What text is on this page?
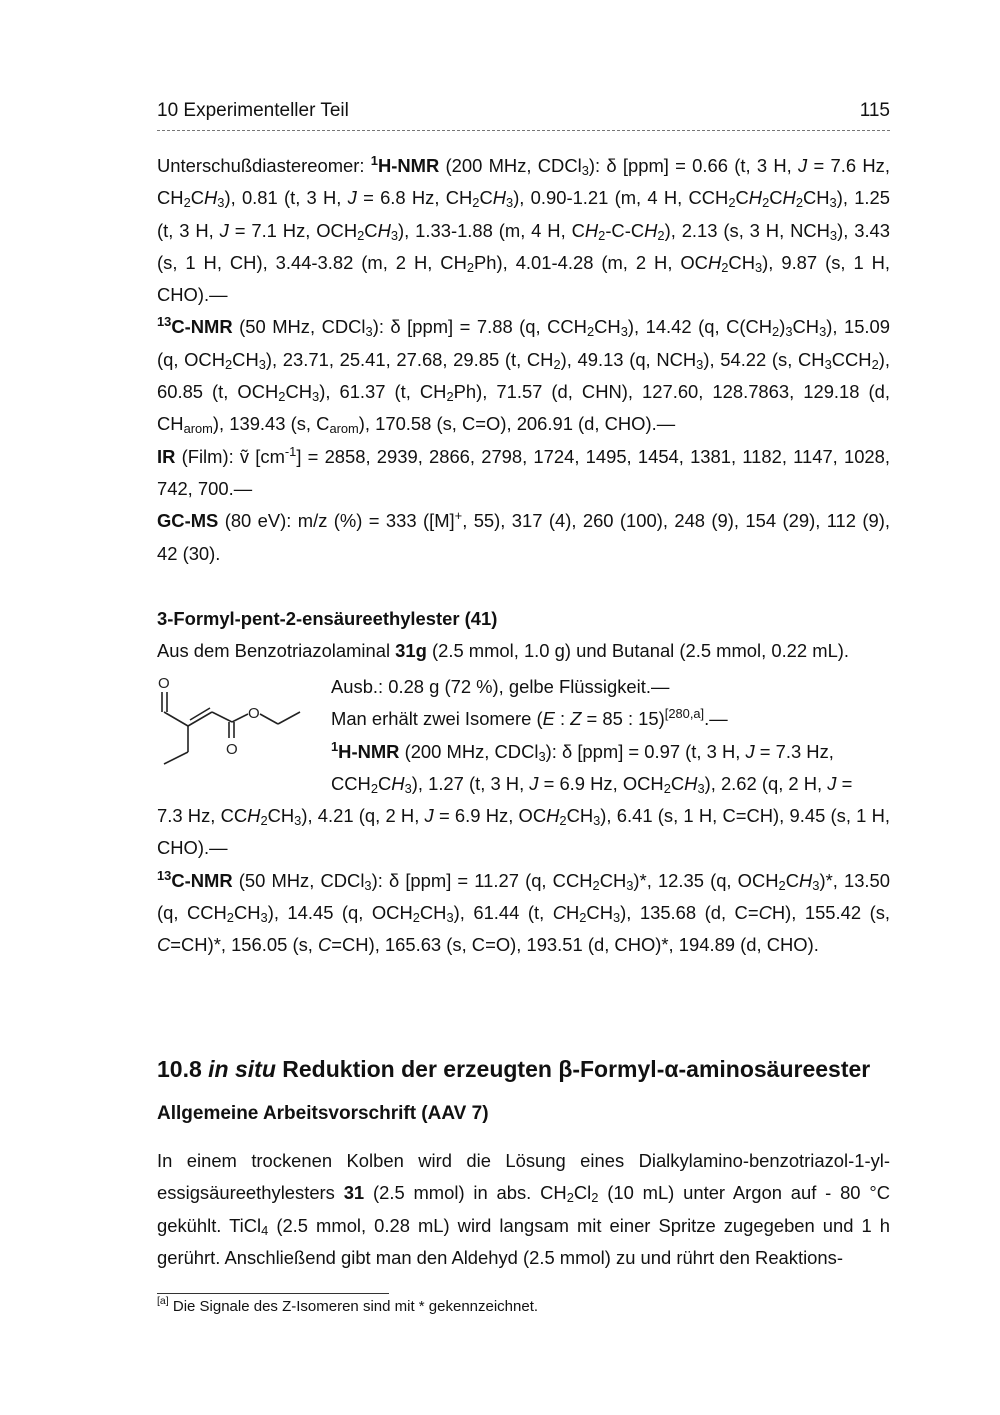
10 Experimenteller Teil	115

Unterschußdiastereomer: $^1$H-NMR (200 MHz, CDCl$_3$): δ [ppm] = 0.66 (t, 3 H, J = 7.6 Hz, $CH_2CH_3$), 0.81 (t, 3 H, J = 6.8 Hz, $CH_2CH_3$), 0.90-1.21 (m, 4 H, $CCH_2CH_2CH_2CH_3$), 1.25 (t, 3 H, J = 7.1 Hz, $OCH_2CH_3$), 1.33-1.88 (m, 4 H, $CH_2-C-CH_2$), 2.13 (s, 3 H, $NCH_3$), 3.43 (s, 1 H, CH), 3.44-3.82 (m, 2 H, $CH_2Ph$), 4.01-4.28 (m, 2 H, $OCH_2CH_3$), 9.87 (s, 1 H, CHO).—

$^{13}$C-NMR (50 MHz, CDCl$_3$): δ [ppm] = 7.88 (q, $CCH_2CH_3$), 14.42 (q, $C(CH_2)_3CH_3$), 15.09 (q, $OCH_2CH_3$), 23.71, 25.41, 27.68, 29.85 (t, $CH_2$), 49.13 (q, $NCH_3$), 54.22 (s, $CH_3CCH_2$), 60.85 (t, $OCH_2CH_3$), 61.37 (t, $CH_2Ph$), 71.57 (d, CHN), 127.60, 128.7863, 129.18 (d, $CH_{arom}$), 139.43 (s, $C_{arom}$), 170.58 (s, C=O), 206.91 (d, CHO).—

IR (Film): ṽ $[cm^{-1}] = 2858$, 2939, 2866, 2798, 1724, 1495, 1454, 1381, 1182, 1147, 1028, 742, 700.—

GC-MS (80 eV): m/z (%) = 333 ([M]+, 55), 317 (4), 260 (100), 248 (9), 154 (29), 112 (9), 42 (30).

3-Formyl-pent-2-ensäureethylester (41)

Aus dem Benzotriazolaminal 31g (2.5 mmol, 1.0 g) und Butanal (2.5 mmol, 0.22 mL).

O
O
O

Ausb.: 0.28 g (72 %), gelbe Flüssigkeit.—

Man erhält zwei Isomere (E : Z = 85 : 15)[280,a].—

$^1$H-NMR (200 MHz, CDCl$_3$): δ [ppm] = 0.97 (t, 3 H, J = 7.3 Hz,

$CCH_2CH_3$), 1.27 (t, 3 H, J = 6.9 Hz, $OCH_2CH_3$), 2.62 (q, 2 H, J =

7.3 Hz, $CCH_2CH_3$), 4.21 (q, 2 H, J = 6.9 Hz, $OCH_2CH_3$), 6.41 (s, 1 H, C=CH), 9.45 (s, 1 H, CHO).—

$^{13}$C-NMR (50 MHz, CDCl$_3$): δ [ppm] = 11.27 (q, $CCH_2CH_3)*$, 12.35 (q, $OCH_2CH_3)*$, 13.50 (q, $CCH_2CH_3$), 14.45 (q, $OCH_2CH_3$), 61.44 (t, $CH_2CH_3$), 135.68 (d, C=CH), 155.42 (s, C=CH)*, 156.05 (s, C=CH), 165.63 (s, C=O), 193.51 (d, CHO)*, 194.89 (d, CHO).

10.8 in situ Reduktion der erzeugten β-Formyl-α-aminosäureester
Allgemeine Arbeitsvorschrift (AAV 7)

In einem trockenen Kolben wird die Lösung eines Dialkylamino-benzotriazol-1-yl-essigsäureethylesters 31 (2.5 mmol) in abs. $CH_2Cl_2$ (10 mL) unter Argon auf - 80 °C gekühlt. TiCl$_4$ (2.5 mmol, 0.28 mL) wird langsam mit einer Spritze zugegeben und 1 h gerührt. Anschließend gibt man den Aldehyd (2.5 mmol) zu und rührt den Reaktions-

[a] Die Signale des Z-Isomeren sind mit * gekennzeichnet.
